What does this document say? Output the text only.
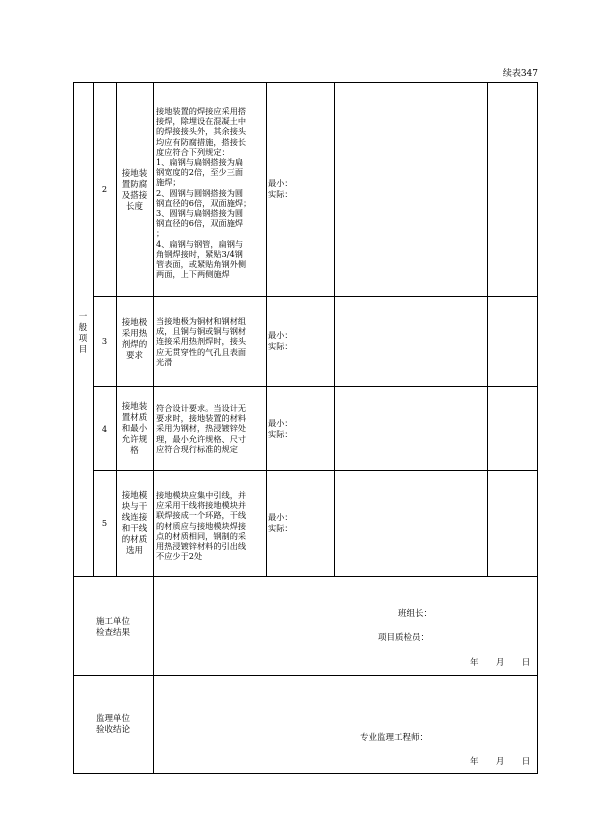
续表347
一
般
项
目
2
接地装
置防腐
及搭接
长度
接地装置的焊接应采用搭
接焊，除埋设在混凝土中
的焊接接头外，其余接头
均应有防腐措施，搭接长
度应符合下列规定：
1、扁钢与扁钢搭接为扁
钢宽度的2倍，至少三面
施焊；
2、圆钢与圆钢搭接为圆
钢直径的6倍，双面施焊；
3、圆钢与扁钢搭接为圆
钢直径的6倍，双面施焊
；
4、扁钢与钢管，扁钢与
角钢焊接时，紧贴3/4钢
管表面，或紧贴角钢外侧
两面，上下两侧施焊
最小：
实际：
3
接地极
采用热
剂焊的
要求
当接地极为铜材和钢材组
成，且铜与铜或铜与钢材
连接采用热剂焊时，接头
应无贯穿性的气孔且表面
光滑
最小：
实际：
4
接地装
置材质
和最小
允许规
格
符合设计要求。当设计无
要求时，接地装置的材料
采用为钢材，热浸镀锌处
理，最小允许规格、尺寸
应符合现行标准的规定
最小：
实际：
5
接地模
块与干
线连接
和干线
的材质
选用
接地模块应集中引线，并
应采用干线将接地模块并
联焊接成一个环路，干线
的材质应与接地模块焊接
点的材质相同，钢制的采
用热浸镀锌材料的引出线
不应少于2处
最小：
实际：
施工单位
检查结果
班组长：
项目质检员：
年  月  日
监理单位
验收结论
专业监理工程师：
年  月  日
